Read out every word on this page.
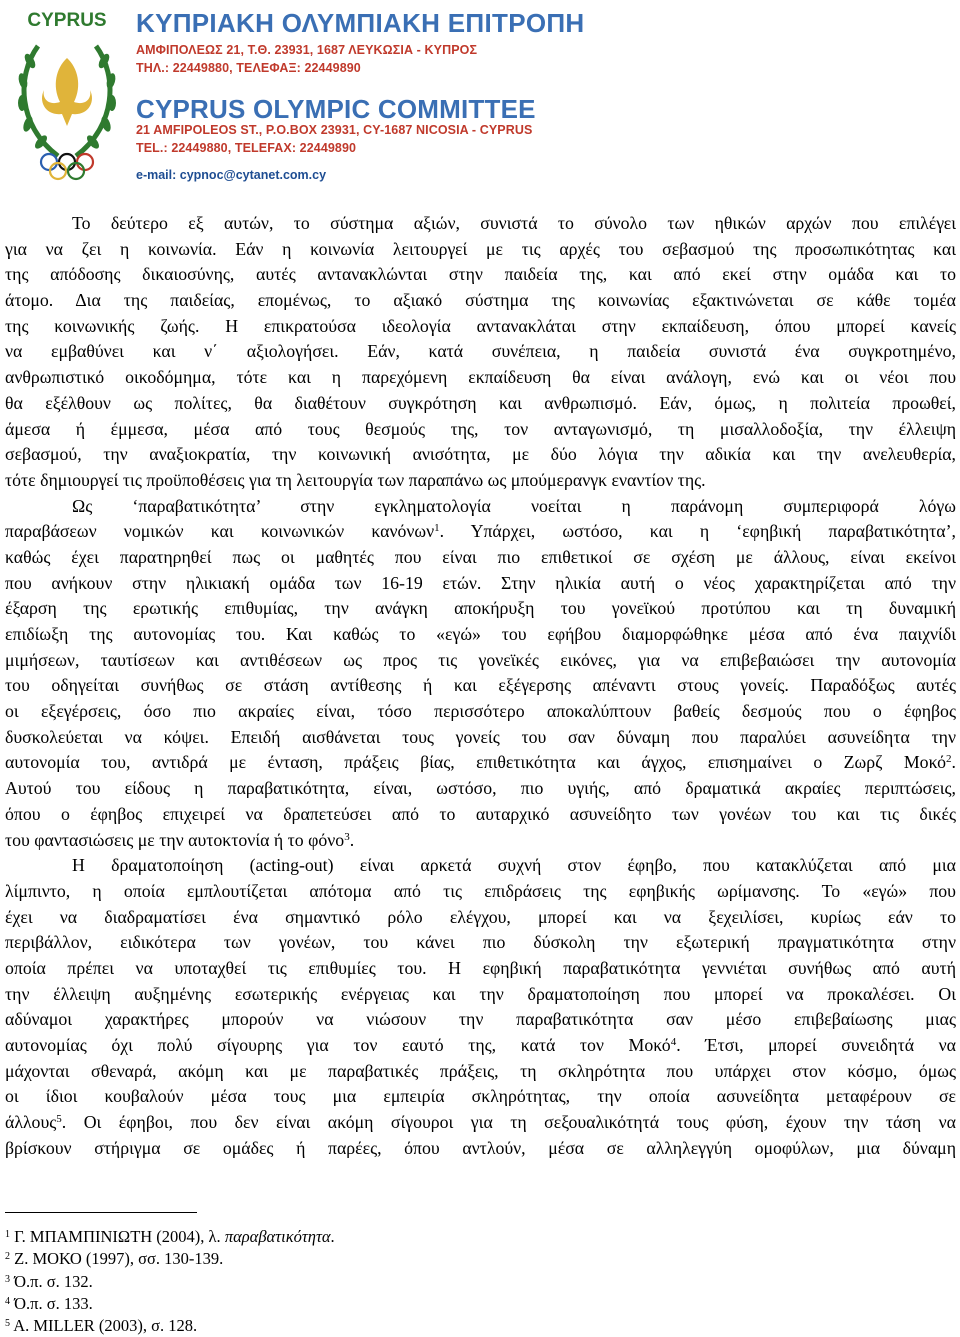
CYPRUS ΚΥΠΡΙΑΚΗ ΟΛΥΜΠΙΑΚΗ ΕΠΙΤΡΟΠΗ
ΑΜΦΙΠΟΛΕΩΣ 21, Τ.Θ. 23931, 1687 ΛΕΥΚΩΣΙΑ - ΚΥΠΡΟΣ
ΤΗΛ.: 22449880, ΤΕΛΕΦΑΞ: 22449890
CYPRUS OLYMPIC COMMITTEE
21 AMFIPOLEOS ST., P.O.BOX 23931, CY-1687 NICOSIA - CYPRUS
TEL.: 22449880, TELEFAX: 22449890
e-mail: cypnoc@cytanet.com.cy
Το δεύτερο εξ αυτών, το σύστημα αξιών, συνιστά το σύνολο των ηθικών αρχών που επιλέγει
για να ζει η κοινωνία. Εάν η κοινωνία λειτουργεί με τις αρχές του σεβασμού της προσωπικότητας και
της απόδοσης δικαιοσύνης, αυτές αντανακλώνται στην παιδεία της, και από εκεί στην ομάδα και το
άτομο. Δια της παιδείας, επομένως, το αξιακό σύστημα της κοινωνίας εξακτινώνεται σε κάθε τομέα
της κοινωνικής ζωής. Η επικρατούσα ιδεολογία αντανακλάται στην εκπαίδευση, όπου μπορεί κανείς
να εμβαθύνει και ν΄ αξιολογήσει. Εάν, κατά συνέπεια, η παιδεία συνιστά ένα συγκροτημένο,
ανθρωπιστικό οικοδόμημα, τότε και η παρεχόμενη εκπαίδευση θα είναι ανάλογη, ενώ και οι νέοι που
θα εξέλθουν ως πολίτες, θα διαθέτουν συγκρότηση και ανθρωπισμό. Εάν, όμως, η πολιτεία προωθεί,
άμεσα ή έμμεσα, μέσα από τους θεσμούς της, τον ανταγωνισμό, τη μισαλλοδοξία, την έλλειψη
σεβασμού, την αναξιοκρατία, την κοινωνική ανισότητα, με δύο λόγια την αδικία και την ανελευθερία,
τότε δημιουργεί τις προϋποθέσεις για τη λειτουργία των παραπάνω ως μπούμερανγκ εναντίον της.
Ως ‘παραβατικότητα’ στην εγκληματολογία νοείται η παράνομη συμπεριφορά λόγω
παραβάσεων νομικών και κοινωνικών κανόνων$^1$. Υπάρχει, ωστόσο, και η ‘εφηβική παραβατικότητα’,
καθώς έχει παρατηρηθεί πως οι μαθητές που είναι πιο επιθετικοί σε σχέση με άλλους, είναι εκείνοι
που ανήκουν στην ηλικιακή ομάδα των 16-19 ετών. Στην ηλικία αυτή ο νέος χαρακτηρίζεται από την
έξαρση της ερωτικής επιθυμίας, την ανάγκη αποκήρυξη του γονεϊκού προτύπου και τη δυναμική
επιδίωξη της αυτονομίας του. Και καθώς το «εγώ» του εφήβου διαμορφώθηκε μέσα από ένα παιχνίδι
μιμήσεων, ταυτίσεων και αντιθέσεων ως προς τις γονεϊκές εικόνες, για να επιβεβαιώσει την αυτονομία
του οδηγείται συνήθως σε στάση αντίθεσης ή και εξέγερσης απέναντι στους γονείς. Παραδόξως αυτές
οι εξεγέρσεις, όσο πιο ακραίες είναι, τόσο περισσότερο αποκαλύπτουν βαθείς δεσμούς που ο έφηβος
δυσκολεύεται να κόψει. Επειδή αισθάνεται τους γονείς του σαν δύναμη που παραλύει ασυνείδητα την
αυτονομία του, αντιδρά με ένταση, πράξεις βίας, επιθετικότητα και άγχος, επισημαίνει ο Ζωρζ Μοκό$^2$.
Αυτού του είδους η παραβατικότητα, είναι, ωστόσο, πιο υγιής, από δραματικά ακραίες περιπτώσεις,
όπου ο έφηβος επιχειρεί να δραπετεύσει από το αυταρχικό ασυνείδητο των γονέων του και τις δικές
του φαντασιώσεις με την αυτοκτονία ή το φόνο$^3$.
Η δραματοποίηση (acting-out) είναι αρκετά συχνή στον έφηβο, που κατακλύζεται από μια
λίμπιντο, η οποία εμπλουτίζεται απότομα από τις επιδράσεις της εφηβικής ωρίμανσης. Το «εγώ» που
έχει να διαδραματίσει ένα σημαντικό ρόλο ελέγχου, μπορεί και να ξεχειλίσει, κυρίως εάν το
περιβάλλον, ειδικότερα των γονέων, του κάνει πιο δύσκολη την εξωτερική πραγματικότητα στην
οποία πρέπει να υποταχθεί τις επιθυμίες του. Η εφηβική παραβατικότητα γεννιέται συνήθως από αυτή
την έλλειψη αυξημένης εσωτερικής ενέργειας και την δραματοποίηση που μπορεί να προκαλέσει. Οι
αδύναμοι χαρακτήρες μπορούν να νιώσουν την παραβατικότητα σαν μέσο επιβεβαίωσης μιας
αυτονομίας όχι πολύ σίγουρης για τον εαυτό της, κατά τον Μοκό$^4$. Έτσι, μπορεί συνειδητά να
μάχονται σθεναρά, ακόμη και με παραβατικές πράξεις, τη σκληρότητα που υπάρχει στον κόσμο, όμως
οι ίδιοι κουβαλούν μέσα τους μια εμπειρία σκληρότητας, την οποία ασυνείδητα μεταφέρουν σε
άλλους$^5$. Οι έφηβοι, που δεν είναι ακόμη σίγουροι για τη σεξουαλικότητά τους φύση, έχουν την τάση να
βρίσκουν στήριγμα σε ομάδες ή παρέες, όπου αντλούν, μέσα σε αλληλεγγύη ομοφύλων, μια δύναμη
$^1$ Γ. ΜΠΑΜΠΙΝΙΩΤΗ (2004), λ. παραβατικότητα.
$^2$ Ζ. ΜΟΚΟ (1997), σσ. 130-139.
$^3$ Ό.π. σ. 132.
$^4$ Ό.π. σ. 133.
$^5$ Α. MILLER (2003), σ. 128.
